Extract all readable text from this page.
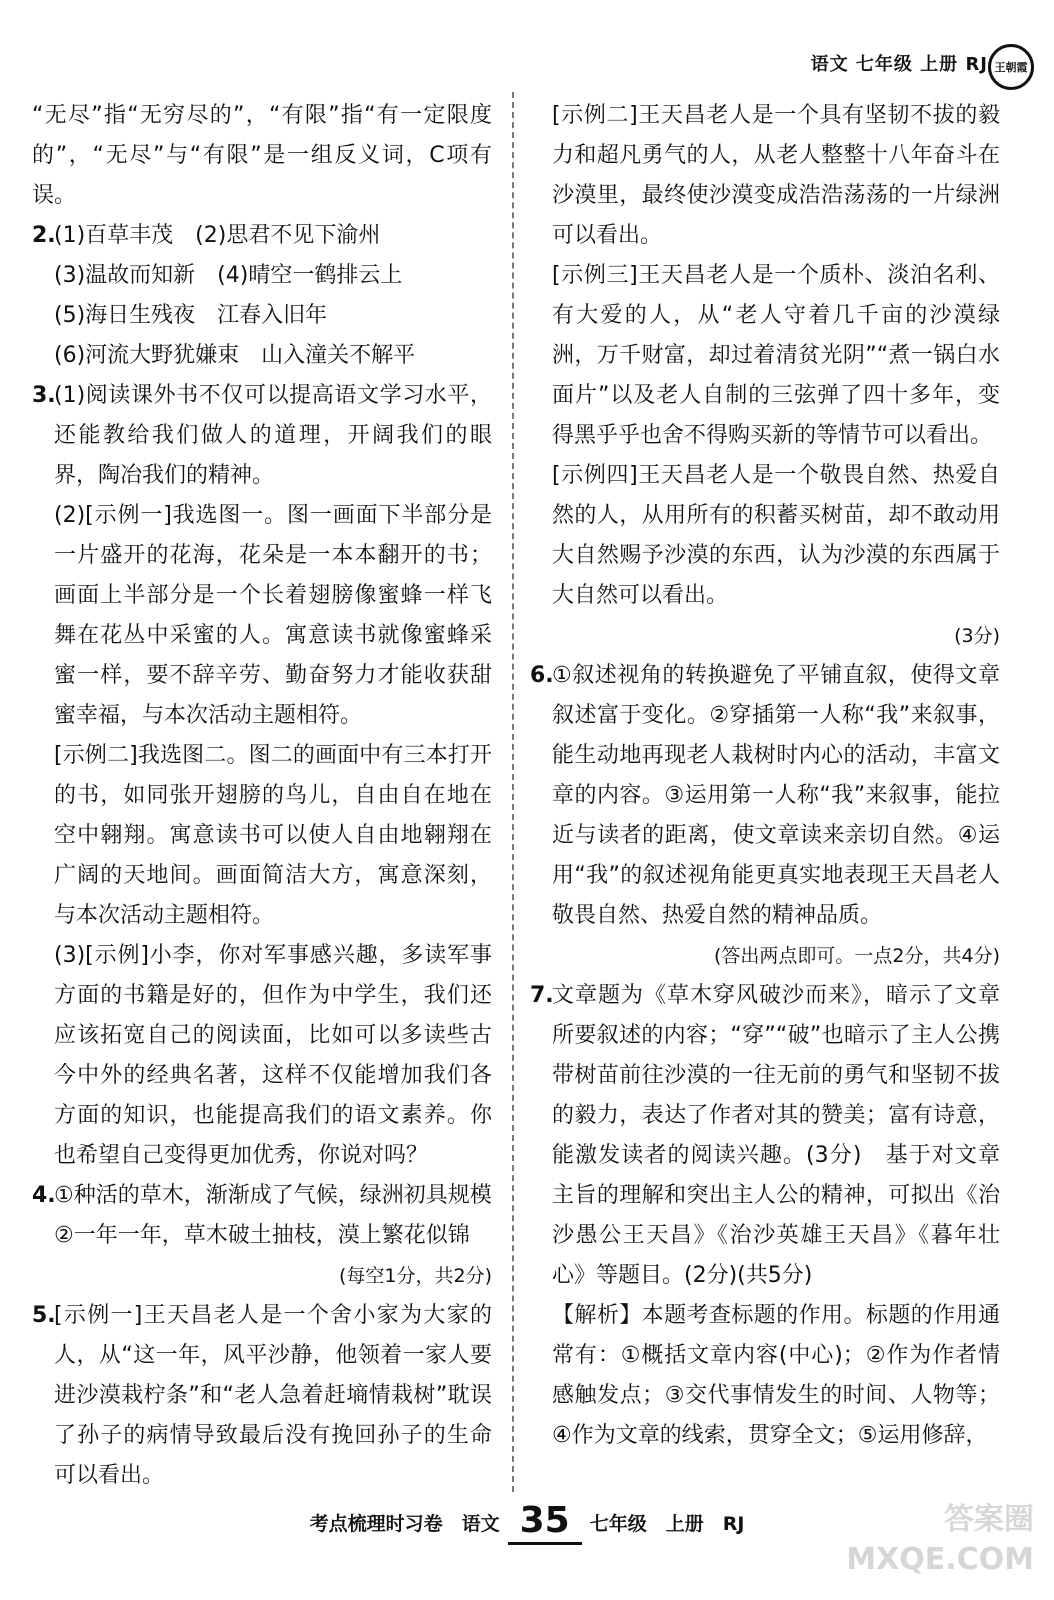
语文 七年级 上册 RJ 王朝霞

“无尽”指“无穷尽的”，“有限”指“有一定限度的”，“无尽”与“有限”是一组反义词，C项有误。

2.

(1)百草丰茂　(2)思君不见下渝州

(3)温故而知新　(4)晴空一鹤排云上

(5)海日生残夜　江春入旧年

(6)河流大野犹嫌束　山入潼关不解平

3.

(1)阅读课外书不仅可以提高语文学习水平，还能教给我们做人的道理，开阔我们的眼界，陶冶我们的精神。

(2)[示例一]我选图一。图一画面下半部分是一片盛开的花海，花朵是一本本翻开的书；画面上半部分是一个长着翅膀像蜜蜂一样飞舞在花丛中采蜜的人。寓意读书就像蜜蜂采蜜一样，要不辞辛劳、勤奋努力才能收获甜蜜幸福，与本次活动主题相符。

[示例二]我选图二。图二的画面中有三本打开的书，如同张开翅膀的鸟儿，自由自在地在空中翱翔。寓意读书可以使人自由地翱翔在广阔的天地间。画面简洁大方，寓意深刻，与本次活动主题相符。

(3)[示例]小李，你对军事感兴趣，多读军事方面的书籍是好的，但作为中学生，我们还应该拓宽自己的阅读面，比如可以多读些古今中外的经典名著，这样不仅能增加我们各方面的知识，也能提高我们的语文素养。你也希望自己变得更加优秀，你说对吗？

4.

①种活的草木，渐渐成了气候，绿洲初具规模

②一年一年，草木破土抽枝，漠上繁花似锦

(每空1分，共2分)

5.

[示例一]王天昌老人是一个舍小家为大家的人，从“这一年，风平沙静，他领着一家人要进沙漠栽柠条”和“老人急着赶墒情栽树”耽误了孙子的病情导致最后没有挽回孙子的生命可以看出。

[示例二]王天昌老人是一个具有坚韧不拔的毅力和超凡勇气的人，从老人整整十八年奋斗在沙漠里，最终使沙漠变成浩浩荡荡的一片绿洲可以看出。

[示例三]王天昌老人是一个质朴、淡泊名利、有大爱的人，从“老人守着几千亩的沙漠绿洲，万千财富，却过着清贫光阴”“煮一锅白水面片”以及老人自制的三弦弹了四十多年，变得黑乎乎也舍不得购买新的等情节可以看出。

[示例四]王天昌老人是一个敬畏自然、热爱自然的人，从用所有的积蓄买树苗，却不敢动用大自然赐予沙漠的东西，认为沙漠的东西属于大自然可以看出。

(3分)

6.

①叙述视角的转换避免了平铺直叙，使得文章叙述富于变化。②穿插第一人称“我”来叙事，能生动地再现老人栽树时内心的活动，丰富文章的内容。③运用第一人称“我”来叙事，能拉近与读者的距离，使文章读来亲切自然。④运用“我”的叙述视角能更真实地表现王天昌老人敬畏自然、热爱自然的精神品质。

(答出两点即可。一点2分，共4分)

7.

文章题为《草木穿风破沙而来》，暗示了文章所要叙述的内容；“穿”“破”也暗示了主人公携带树苗前往沙漠的一往无前的勇气和坚韧不拔的毅力，表达了作者对其的赞美；富有诗意，能激发读者的阅读兴趣。(3分)　基于对文章主旨的理解和突出主人公的精神，可拟出《治沙愚公王天昌》《治沙英雄王天昌》《暮年壮心》等题目。(2分)(共5分)

【解析】本题考查标题的作用。标题的作用通常有：①概括文章内容(中心)；②作为作者情感触发点；③交代事情发生的时间、人物等；④作为文章的线索，贯穿全文；⑤运用修辞，

考点梳理时习卷　语文 35	七年级　上册　RJ	答案圈 MXQE.COM
